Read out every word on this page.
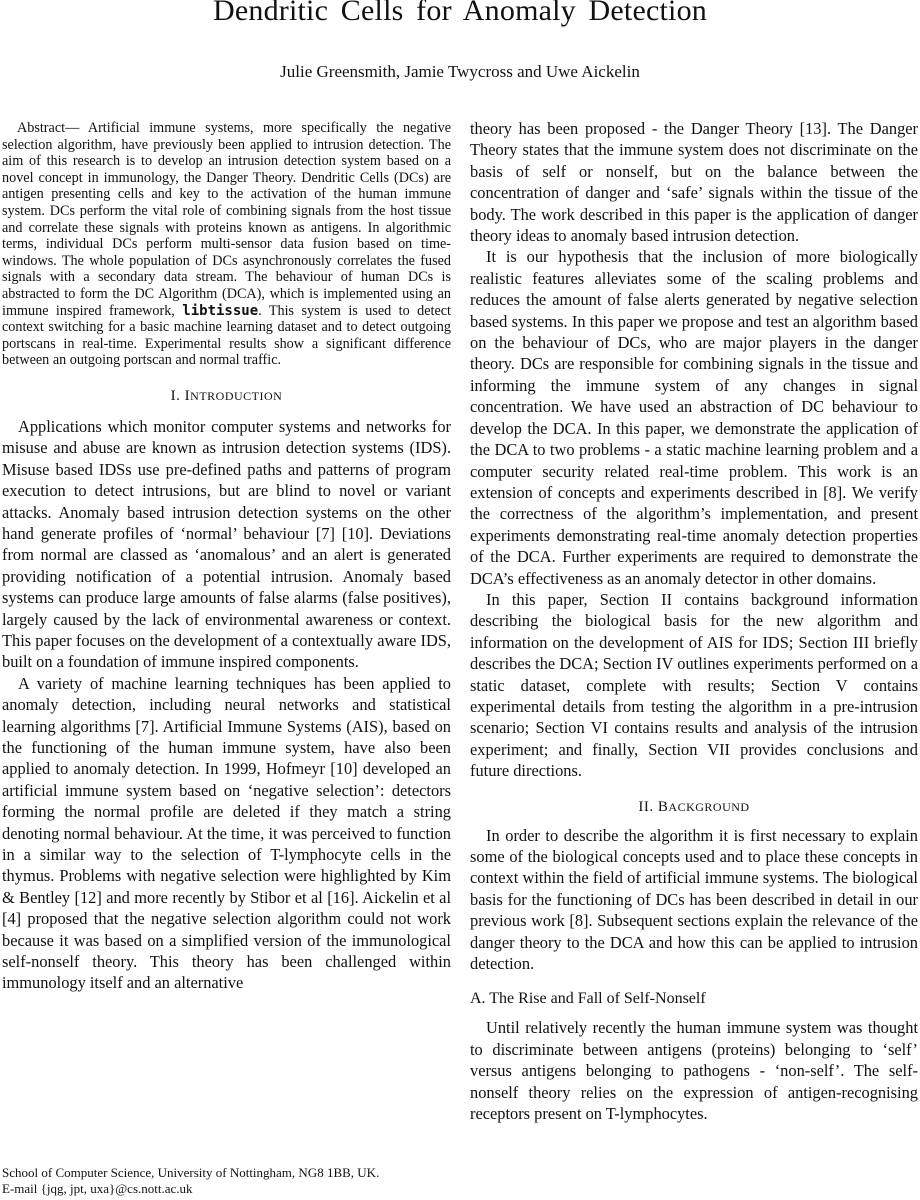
Dendritic Cells for Anomaly Detection

Julie Greensmith, Jamie Twycross and Uwe Aickelin

Abstract— Artificial immune systems, more specifically the negative selection algorithm, have previously been applied to intrusion detection. The aim of this research is to develop an intrusion detection system based on a novel concept in immunology, the Danger Theory. Dendritic Cells (DCs) are antigen presenting cells and key to the activation of the human immune system. DCs perform the vital role of combining signals from the host tissue and correlate these signals with proteins known as antigens. In algorithmic terms, individual DCs perform multi-sensor data fusion based on time-windows. The whole population of DCs asynchronously correlates the fused signals with a secondary data stream. The behaviour of human DCs is abstracted to form the DC Algorithm (DCA), which is implemented using an immune inspired framework, libtissue. This system is used to detect context switching for a basic machine learning dataset and to detect outgoing portscans in real-time. Experimental results show a significant difference between an outgoing portscan and normal traffic.

I. INTRODUCTION

Applications which monitor computer systems and networks for misuse and abuse are known as intrusion detection systems (IDS). Misuse based IDSs use pre-defined paths and patterns of program execution to detect intrusions, but are blind to novel or variant attacks. Anomaly based intrusion detection systems on the other hand generate profiles of ‘normal’ behaviour [7] [10]. Deviations from normal are classed as ‘anomalous’ and an alert is generated providing notification of a potential intrusion. Anomaly based systems can produce large amounts of false alarms (false positives), largely caused by the lack of environmental awareness or context. This paper focuses on the development of a contextually aware IDS, built on a foundation of immune inspired components.

A variety of machine learning techniques has been applied to anomaly detection, including neural networks and statistical learning algorithms [7]. Artificial Immune Systems (AIS), based on the functioning of the human immune system, have also been applied to anomaly detection. In 1999, Hofmeyr [10] developed an artificial immune system based on ‘negative selection’: detectors forming the normal profile are deleted if they match a string denoting normal behaviour. At the time, it was perceived to function in a similar way to the selection of T-lymphocyte cells in the thymus. Problems with negative selection were highlighted by Kim & Bentley [12] and more recently by Stibor et al [16]. Aickelin et al [4] proposed that the negative selection algorithm could not work because it was based on a simplified version of the immunological self-nonself theory. This theory has been challenged within immunology itself and an alternative

theory has been proposed - the Danger Theory [13]. The Danger Theory states that the immune system does not discriminate on the basis of self or nonself, but on the balance between the concentration of danger and ‘safe’ signals within the tissue of the body. The work described in this paper is the application of danger theory ideas to anomaly based intrusion detection.

It is our hypothesis that the inclusion of more biologically realistic features alleviates some of the scaling problems and reduces the amount of false alerts generated by negative selection based systems. In this paper we propose and test an algorithm based on the behaviour of DCs, who are major players in the danger theory. DCs are responsible for combining signals in the tissue and informing the immune system of any changes in signal concentration. We have used an abstraction of DC behaviour to develop the DCA. In this paper, we demonstrate the application of the DCA to two problems - a static machine learning problem and a computer security related real-time problem. This work is an extension of concepts and experiments described in [8]. We verify the correctness of the algorithm’s implementation, and present experiments demonstrating real-time anomaly detection properties of the DCA. Further experiments are required to demonstrate the DCA’s effectiveness as an anomaly detector in other domains.

In this paper, Section II contains background information describing the biological basis for the new algorithm and information on the development of AIS for IDS; Section III briefly describes the DCA; Section IV outlines experiments performed on a static dataset, complete with results; Section V contains experimental details from testing the algorithm in a pre-intrusion scenario; Section VI contains results and analysis of the intrusion experiment; and finally, Section VII provides conclusions and future directions.

II. BACKGROUND

In order to describe the algorithm it is first necessary to explain some of the biological concepts used and to place these concepts in context within the field of artificial immune systems. The biological basis for the functioning of DCs has been described in detail in our previous work [8]. Subsequent sections explain the relevance of the danger theory to the DCA and how this can be applied to intrusion detection.

A. The Rise and Fall of Self-Nonself

Until relatively recently the human immune system was thought to discriminate between antigens (proteins) belonging to ‘self’ versus antigens belonging to pathogens - ‘non-self’. The self-nonself theory relies on the expression of antigen-recognising receptors present on T-lymphocytes.

School of Computer Science, University of Nottingham, NG8 1BB, UK.
E-mail {jqg, jpt, uxa}@cs.nott.ac.uk
